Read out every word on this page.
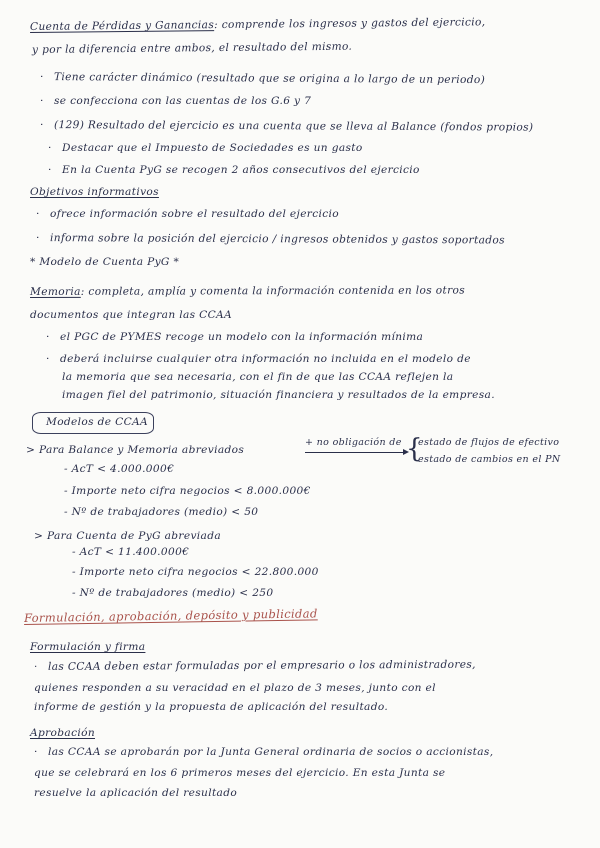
Cuenta de Pérdidas y Ganancias: comprende los ingresos y gastos del ejercicio,
y por la diferencia entre ambos, el resultado del mismo.
· Tiene carácter dinámico (resultado que se origina a lo largo de un periodo)
· se confecciona con las cuentas de los G.6 y 7
· (129) Resultado del ejercicio es una cuenta que se lleva al Balance (fondos propios)
· Destacar que el Impuesto de Sociedades es un gasto
· En la Cuenta PyG se recogen 2 años consecutivos del ejercicio
Objetivos informativos
· ofrece información sobre el resultado del ejercicio
· informa sobre la posición del ejercicio / ingresos obtenidos y gastos soportados
* Modelo de Cuenta PyG *
Memoria: completa, amplía y comenta la información contenida en los otros
documentos que integran las CCAA
· el PGC de PYMES recoge un modelo con la información mínima
· deberá incluirse cualquier otra información no incluida en el modelo de
la memoria que sea necesaria, con el fin de que las CCAA reflejen la
imagen fiel del patrimonio, situación financiera y resultados de la empresa.
Modelos de CCAA
> Para Balance y Memoria abreviados
+ no obligación de {
estado de flujos de efectivo
estado de cambios en el PN
- AcT < 4.000.000€
- Importe neto cifra negocios < 8.000.000€
- Nº de trabajadores (medio) < 50
> Para Cuenta de PyG abreviada
- AcT < 11.400.000€
- Importe neto cifra negocios < 22.800.000
- Nº de trabajadores (medio) < 250
Formulación, aprobación, depósito y publicidad
Formulación y firma
· las CCAA deben estar formuladas por el empresario o los administradores,
quienes responden a su veracidad en el plazo de 3 meses, junto con el
informe de gestión y la propuesta de aplicación del resultado.
Aprobación
· las CCAA se aprobarán por la Junta General ordinaria de socios o accionistas,
que se celebrará en los 6 primeros meses del ejercicio. En esta Junta se
resuelve la aplicación del resultado
